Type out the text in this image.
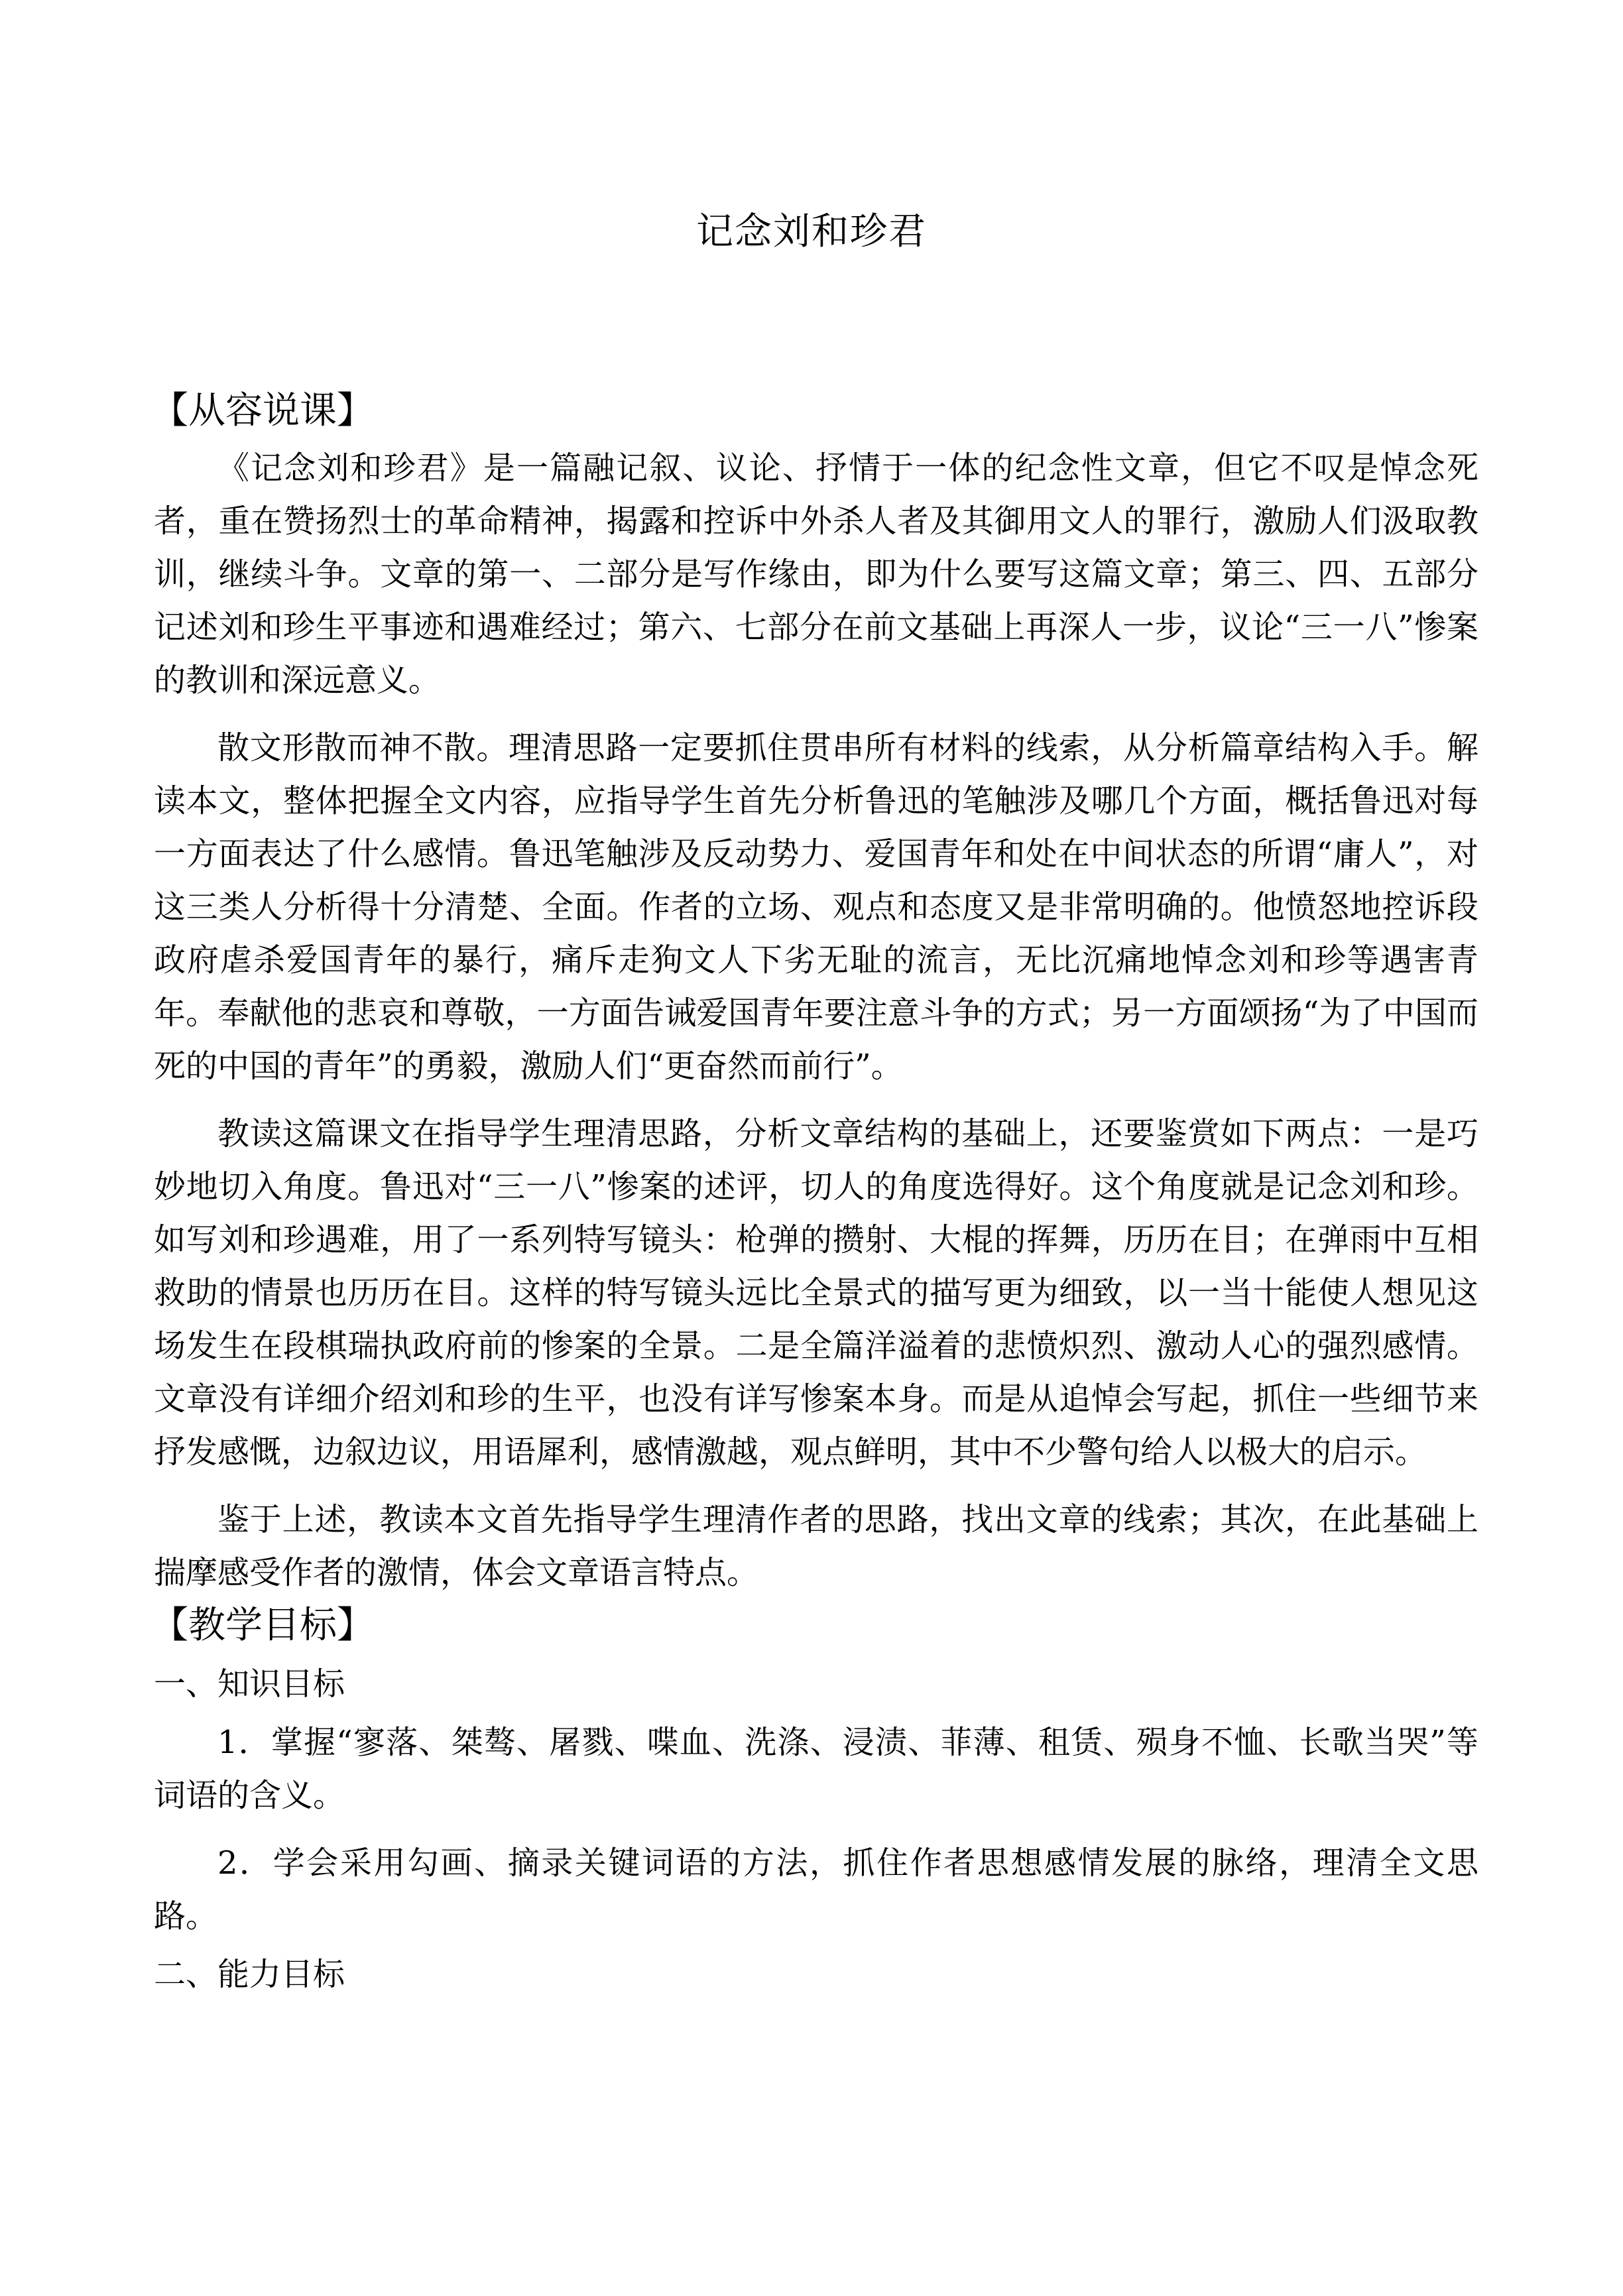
记念刘和珍君
【从容说课】

《记念刘和珍君》是一篇融记叙、议论、抒情于一体的纪念性文章，但它不叹是悼念死者，重在赞扬烈士的革命精神，揭露和控诉中外杀人者及其御用文人的罪行，激励人们汲取教训，继续斗争。文章的第一、二部分是写作缘由，即为什么要写这篇文章；第三、四、五部分记述刘和珍生平事迹和遇难经过；第六、七部分在前文基础上再深人一步，议论“三一八”惨案的教训和深远意义。

散文形散而神不散。理清思路一定要抓住贯串所有材料的线索，从分析篇章结构入手。解读本文，整体把握全文内容，应指导学生首先分析鲁迅的笔触涉及哪几个方面，概括鲁迅对每一方面表达了什么感情。鲁迅笔触涉及反动势力、爱国青年和处在中间状态的所谓“庸人”，对这三类人分析得十分清楚、全面。作者的立场、观点和态度又是非常明确的。他愤怒地控诉段政府虐杀爱国青年的暴行，痛斥走狗文人下劣无耻的流言，无比沉痛地悼念刘和珍等遇害青年。奉献他的悲哀和尊敬，一方面告诫爱国青年要注意斗争的方式；另一方面颂扬“为了中国而死的中国的青年”的勇毅，激励人们“更奋然而前行”。

教读这篇课文在指导学生理清思路，分析文章结构的基础上，还要鉴赏如下两点：一是巧妙地切入角度。鲁迅对“三一八”惨案的述评，切人的角度选得好。这个角度就是记念刘和珍。如写刘和珍遇难，用了一系列特写镜头：枪弹的攒射、大棍的挥舞，历历在目；在弹雨中互相救助的情景也历历在目。这样的特写镜头远比全景式的描写更为细致，以一当十能使人想见这场发生在段棋瑞执政府前的惨案的全景。二是全篇洋溢着的悲愤炽烈、激动人心的强烈感情。文章没有详细介绍刘和珍的生平，也没有详写惨案本身。而是从追悼会写起，抓住一些细节来抒发感慨，边叙边议，用语犀利，感情激越，观点鲜明，其中不少警句给人以极大的启示。

鉴于上述，教读本文首先指导学生理清作者的思路，找出文章的线索；其次，在此基础上揣摩感受作者的激情，体会文章语言特点。

【教学目标】
一、知识目标

1．掌握“寥落、桀骜、屠戮、喋血、洗涤、浸渍、菲薄、租赁、殒身不恤、长歌当哭”等词语的含义。

2．学会采用勾画、摘录关键词语的方法，抓住作者思想感情发展的脉络，理清全文思路。

二、能力目标
